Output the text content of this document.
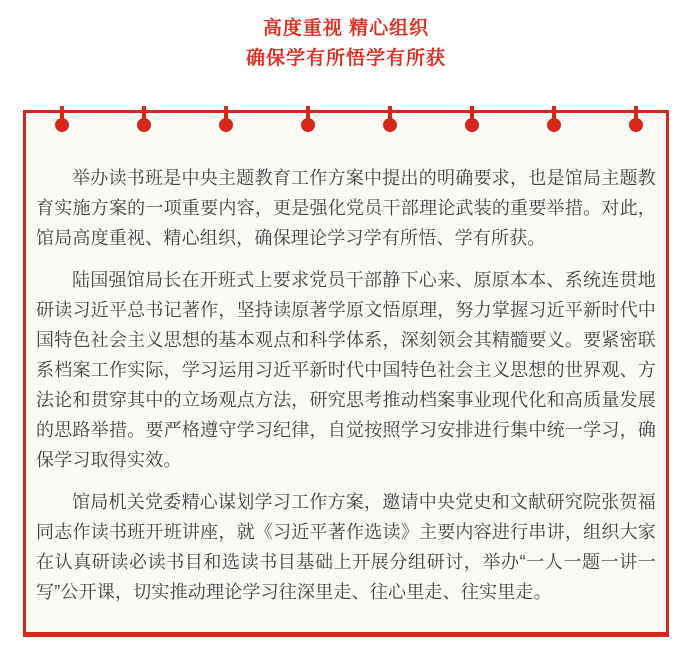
高度重视 精心组织
确保学有所悟学有所获

举办读书班是中央主题教育工作方案中提出的明确要求，也是馆局主题教育实施方案的一项重要内容，更是强化党员干部理论武装的重要举措。对此，馆局高度重视、精心组织，确保理论学习学有所悟、学有所获。

陆国强馆局长在开班式上要求党员干部静下心来、原原本本、系统连贯地研读习近平总书记著作，坚持读原著学原文悟原理，努力掌握习近平新时代中国特色社会主义思想的基本观点和科学体系，深刻领会其精髓要义。要紧密联系档案工作实际，学习运用习近平新时代中国特色社会主义思想的世界观、方法论和贯穿其中的立场观点方法，研究思考推动档案事业现代化和高质量发展的思路举措。要严格遵守学习纪律，自觉按照学习安排进行集中统一学习，确保学习取得实效。

馆局机关党委精心谋划学习工作方案，邀请中央党史和文献研究院张贺福同志作读书班开班讲座，就《习近平著作选读》主要内容进行串讲，组织大家在认真研读必读书目和选读书目基础上开展分组研讨，举办“一人一题一讲一写”公开课，切实推动理论学习往深里走、往心里走、往实里走。
